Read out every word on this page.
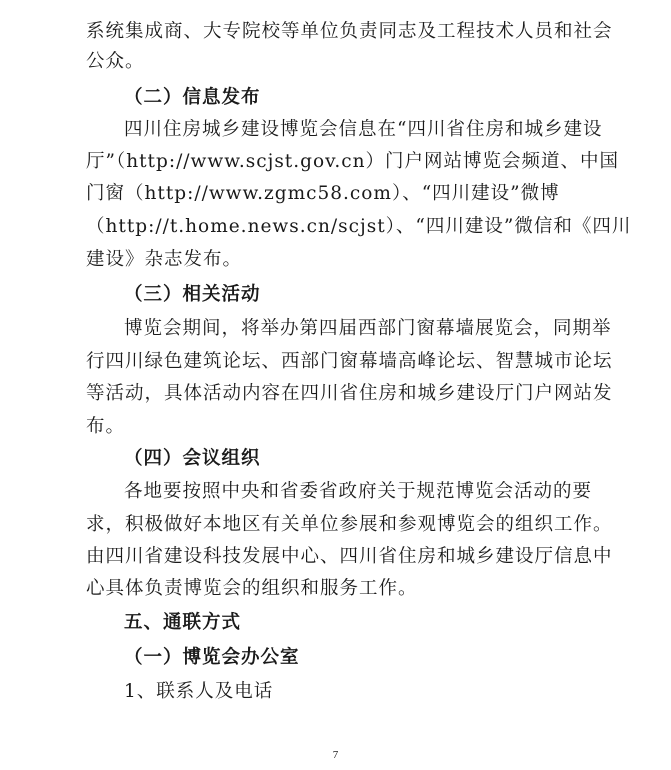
系统集成商、大专院校等单位负责同志及工程技术人员和社会
公众。
（二）信息发布
四川住房城乡建设博览会信息在“四川省住房和城乡建设
厅”（http://www.scjst.gov.cn）门户网站博览会频道、中国
门窗（http://www.zgmc58.com）、“四川建设”微博
（http://t.home.news.cn/scjst）、“四川建设”微信和《四川
建设》杂志发布。
（三）相关活动
博览会期间，将举办第四届西部门窗幕墙展览会，同期举
行四川绿色建筑论坛、西部门窗幕墙高峰论坛、智慧城市论坛
等活动，具体活动内容在四川省住房和城乡建设厅门户网站发
布。
（四）会议组织
各地要按照中央和省委省政府关于规范博览会活动的要
求，积极做好本地区有关单位参展和参观博览会的组织工作。
由四川省建设科技发展中心、四川省住房和城乡建设厅信息中
心具体负责博览会的组织和服务工作。
五、通联方式
（一）博览会办公室
1、联系人及电话
7
